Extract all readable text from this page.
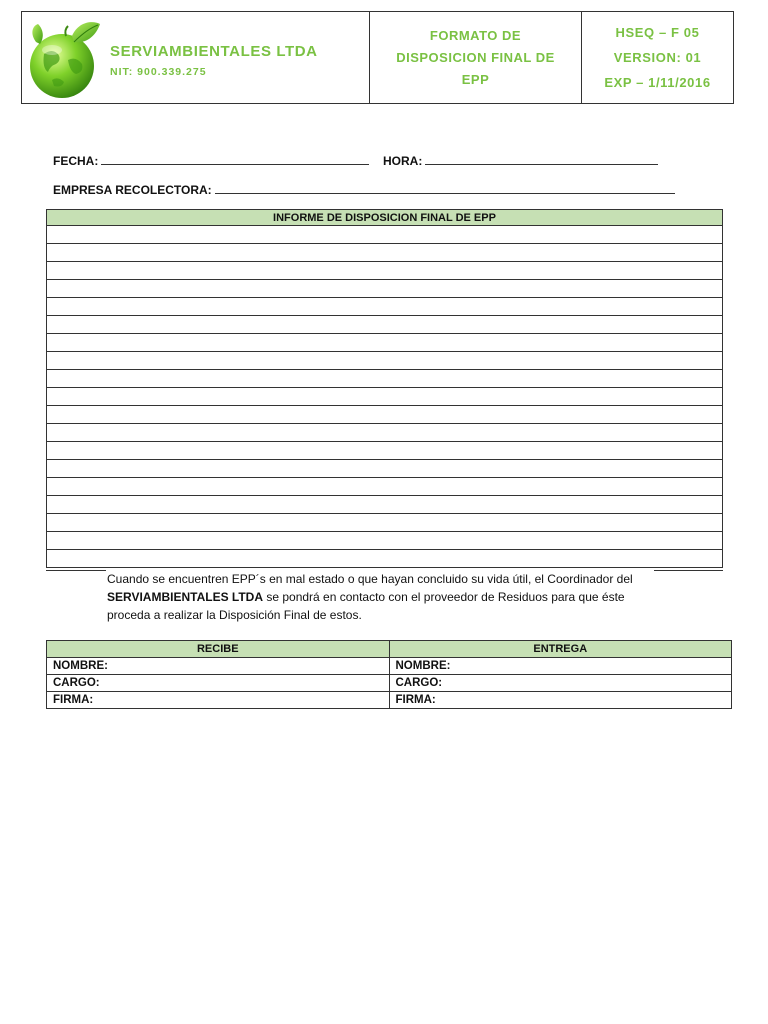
SERVIAMBIENTALES LTDA
NIT: 900.339.275
FORMATO DE DISPOSICION FINAL DE EPP
HSEQ – F 05
VERSION: 01
EXP – 1/11/2016
FECHA:	HORA:
EMPRESA RECOLECTORA:
INFORME DE DISPOSICION FINAL DE EPP

Cuando se encuentren EPP´s en mal estado o que hayan concluido su vida útil, el Coordinador del SERVIAMBIENTALES LTDA se pondrá en contacto con el proveedor de Residuos para que éste proceda a realizar la Disposición Final de estos.
RECIBE	ENTREGA
NOMBRE:	NOMBRE:
CARGO:	CARGO:
FIRMA:	FIRMA:
